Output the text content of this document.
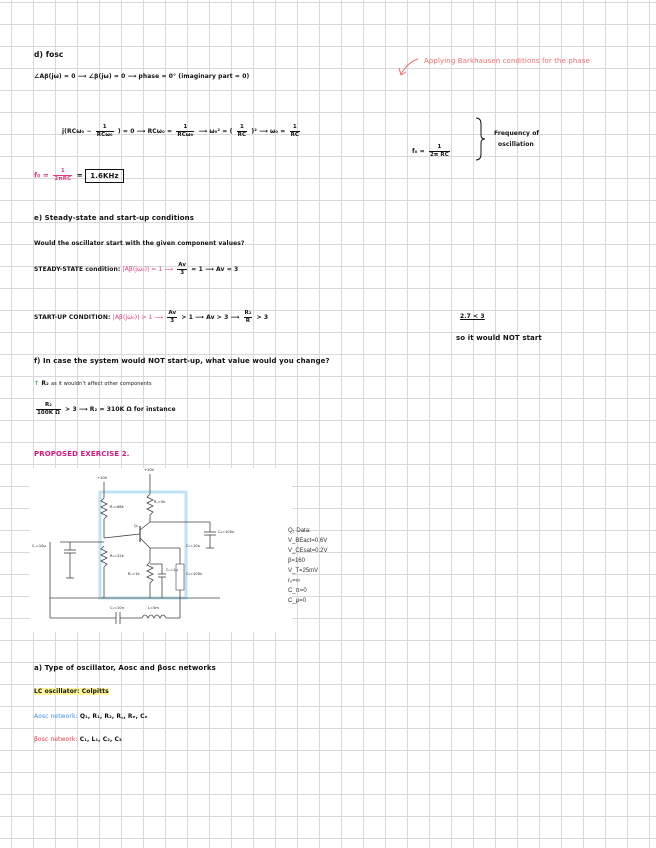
d) fosc
∠Aβ(jω) = 0 ⟶ ∠β(jω) = 0 ⟶ phase = 0° (imaginary part = 0)
Applying Barkhausen conditions for the phase
$j(RC\omega_0 - \frac{1}{\text{RCω₀}}$ ) = 0 ⟶ $RC\omega_0 = \frac{1}{\text{RCω₀}}$ ⟶ ω₀² = ( $\frac{1}{RC} )^2$ ⟶ $\omega_0 = \frac{1}{RC}$
$f_0 = \frac{1}{\text{2π RC}}$
Frequency of
oscillation
$f_0 = \frac{1}{\text{2πRC}} = 1.6KHz$
e) Steady-state and start-up conditions
Would the oscillator start with the given component values?
STEADY-STATE condition: |Aβ(jω₀)| = 1 ⟶ $\frac{Av}{3} = 1$ ⟶ Av = 3
START-UP CONDITION: |Aβ(jω₀)| > 1 ⟶ $\frac{Av}{3} > 1$ ⟶ Av > 3 ⟶ $\frac{\text{R₂}}{R} > 3$	2.7 < 3
so it would NOT start
f) In case the system would NOT start-up, what value would you change?
↑ R₂ as it wouldn't affect other components
$\frac{\text{R₂}}{\text{100K Ω}} > 3$ ⟶ R₂ = 310K Ω for instance
PROPOSED EXERCISE 2.
+10V
+10V
R₁=68k
R₂=22k
R꜀=5k
Rₑ=1k
Cₑ=1µ
C꜀=10µ
C₄=100n
C₁=10n	L=5m
C₃=100n
C₂=10n
Q₁
Q₁ Data:
V_BEact=0.6V
V_CEsat=0.2V
β=160
V_T=25mV
rₒ=∞
C_π=0
C_µ=0
a) Type of oscillator, Aosc and βosc networks
LC oscillator: Colpitts
Aosc network: Q₁, R₁, R₂, R꜀, Rₑ, Cₑ
βosc network: C₁, L₁, C₂, C₃
